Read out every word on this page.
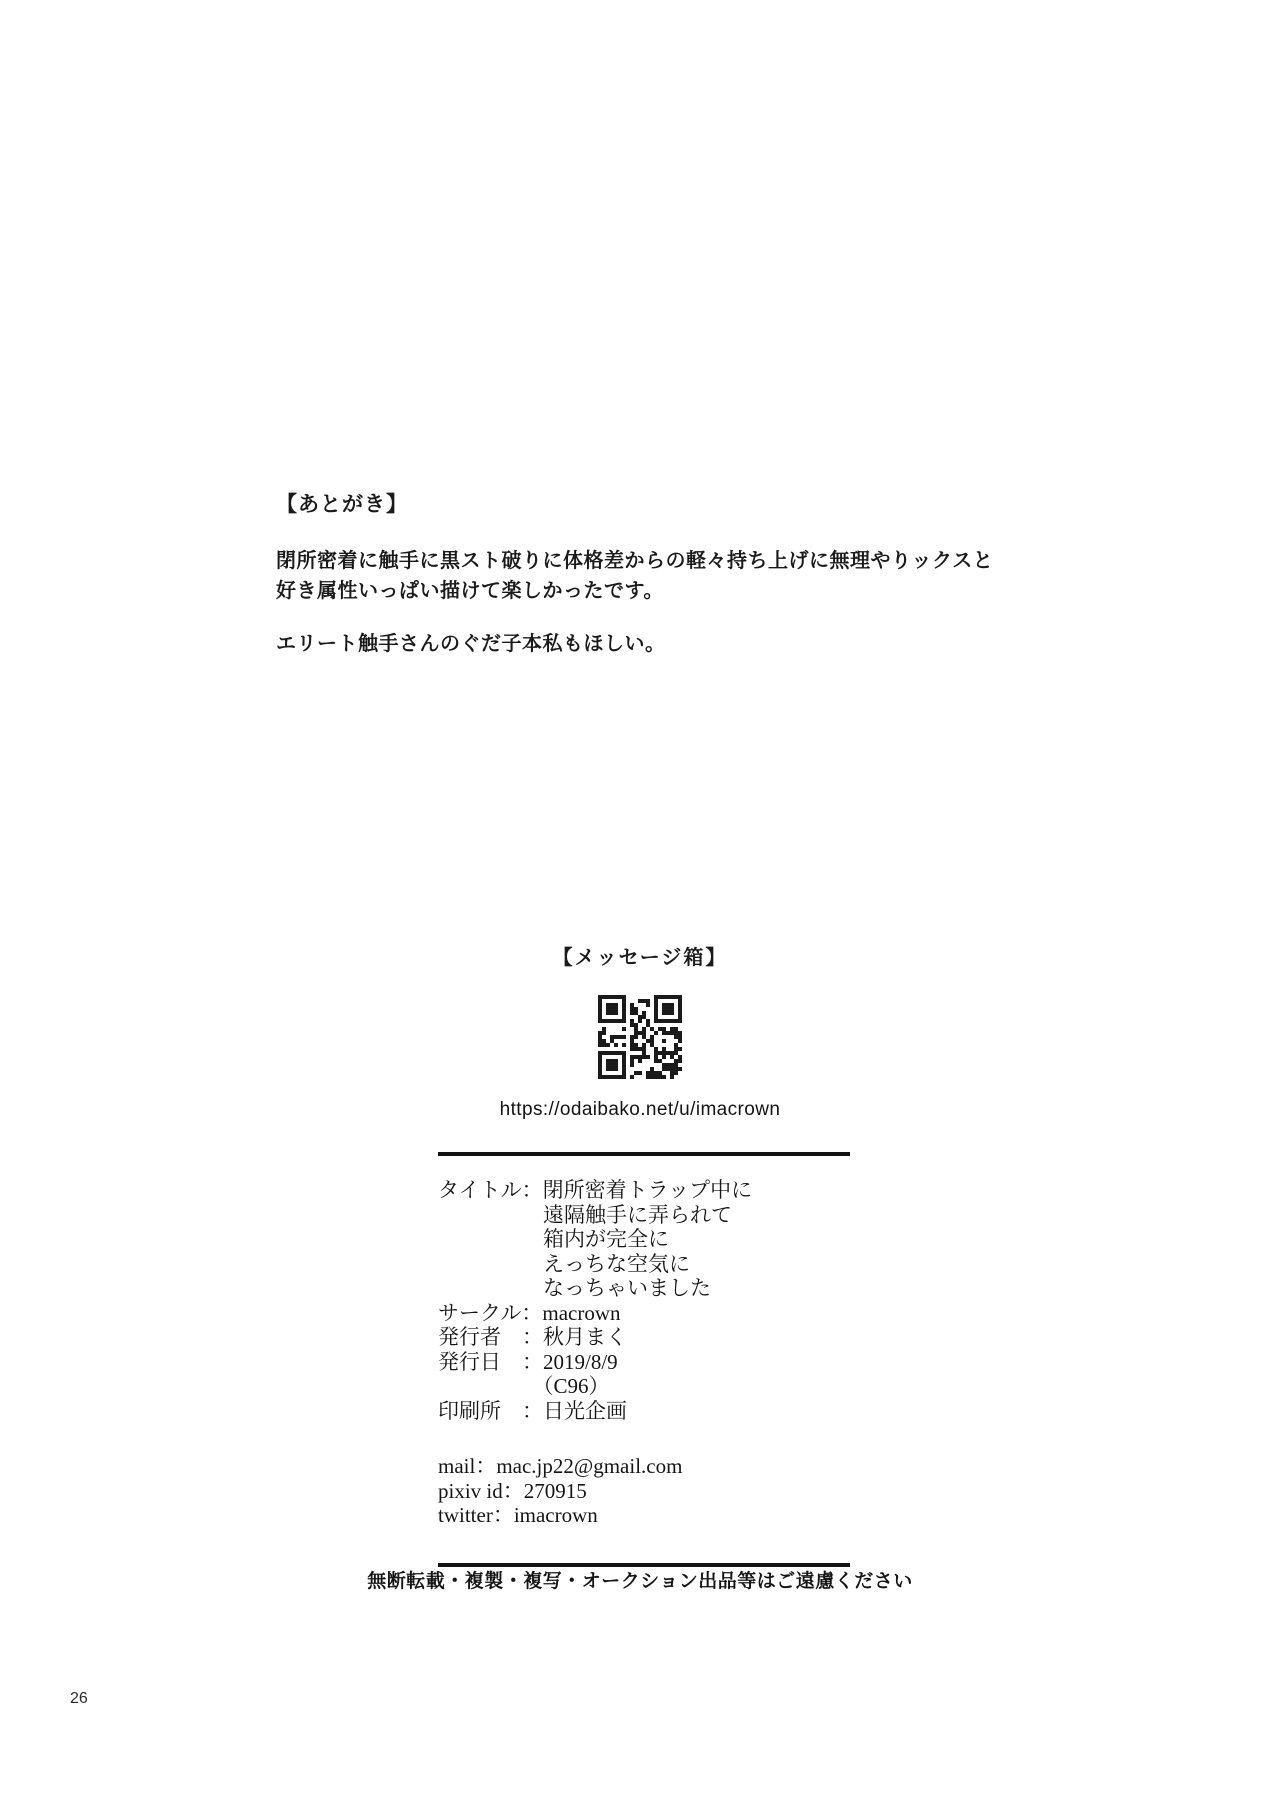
【あとがき】
閉所密着に触手に黒スト破りに体格差からの軽々持ち上げに無理やりックスと
好き属性いっぱい描けて楽しかったです。
エリート触手さんのぐだ子本私もほしい。
【メッセージ箱】
https://odaibako.net/u/imacrown
タイトル：閉所密着トラップ中に
　　　　　遠隔触手に弄られて
　　　　　箱内が完全に
　　　　　えっちな空気に
　　　　　なっちゃいました
サークル：macrown
発行者　：秋月まく
発行日　：2019/8/9
　　　　　（C96）
印刷所　：日光企画
mail：mac.jp22@gmail.com
pixiv id：270915
twitter：imacrown
無断転載・複製・複写・オークション出品等はご遠慮ください
26
